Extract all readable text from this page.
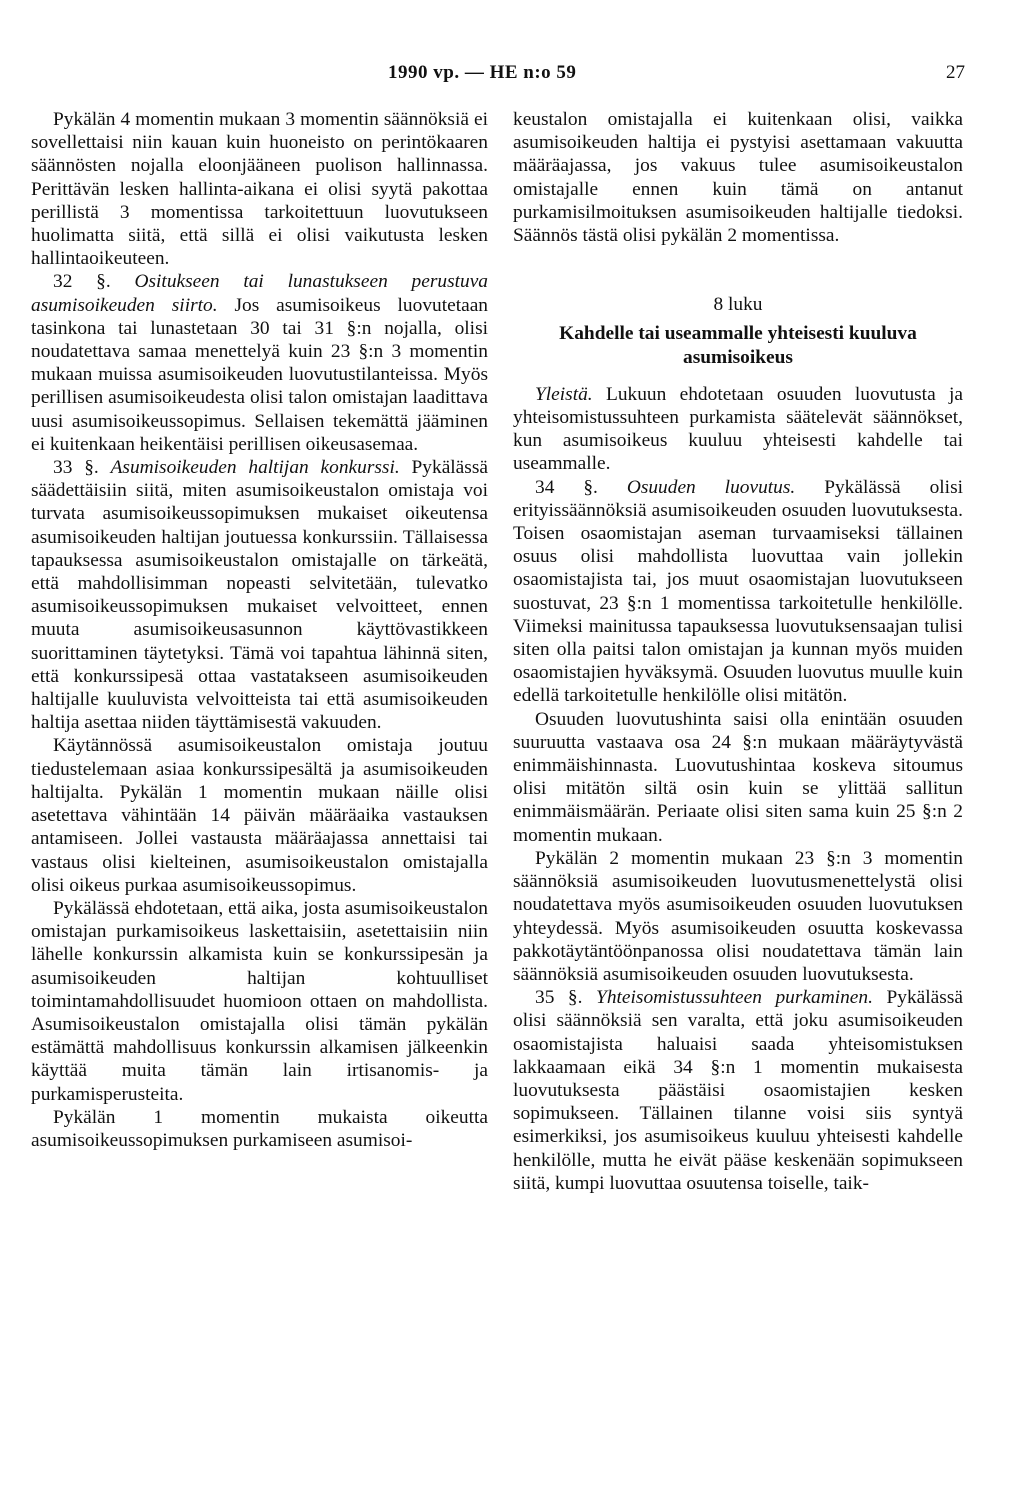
1990 vp. — HE n:o 59	27

Pykälän 4 momentin mukaan 3 momentin säännöksiä ei sovellettaisi niin kauan kuin huoneisto on perintökaaren säännösten nojalla eloonjääneen puolison hallinnassa. Perittävän lesken hallinta-aikana ei olisi syytä pakottaa perillistä 3 momentissa tarkoitettuun luovutukseen huolimatta siitä, että sillä ei olisi vaikutusta lesken hallintaoikeuteen.

32 §. Ositukseen tai lunastukseen perustuva asumisoikeuden siirto. Jos asumisoikeus luovutetaan tasinkona tai lunastetaan 30 tai 31 §:n nojalla, olisi noudatettava samaa menettelyä kuin 23 §:n 3 momentin mukaan muissa asumisoikeuden luovutustilanteissa. Myös perillisen asumisoikeudesta olisi talon omistajan laadittava uusi asumisoikeussopimus. Sellaisen tekemättä jääminen ei kuitenkaan heikentäisi perillisen oikeusasemaa.

33 §. Asumisoikeuden haltijan konkurssi. Pykälässä säädettäisiin siitä, miten asumisoikeustalon omistaja voi turvata asumisoikeussopimuksen mukaiset oikeutensa asumisoikeuden haltijan joutuessa konkurssiin. Tällaisessa tapauksessa asumisoikeustalon omistajalle on tärkeätä, että mahdollisimman nopeasti selvitetään, tulevatko asumisoikeussopimuksen mukaiset velvoitteet, ennen muuta asumisoikeusasunnon käyttövastikkeen suorittaminen täytetyksi. Tämä voi tapahtua lähinnä siten, että konkurssipesä ottaa vastatakseen asumisoikeuden haltijalle kuuluvista velvoitteista tai että asumisoikeuden haltija asettaa niiden täyttämisestä vakuuden.

Käytännössä asumisoikeustalon omistaja joutuu tiedustelemaan asiaa konkurssipesältä ja asumisoikeuden haltijalta. Pykälän 1 momentin mukaan näille olisi asetettava vähintään 14 päivän määräaika vastauksen antamiseen. Jollei vastausta määräajassa annettaisi tai vastaus olisi kielteinen, asumisoikeustalon omistajalla olisi oikeus purkaa asumisoikeussopimus.

Pykälässä ehdotetaan, että aika, josta asumisoikeustalon omistajan purkamisoikeus laskettaisiin, asetettaisiin niin lähelle konkurssin alkamista kuin se konkurssipesän ja asumisoikeuden haltijan kohtuulliset toimintamahdollisuudet huomioon ottaen on mahdollista. Asumisoikeustalon omistajalla olisi tämän pykälän estämättä mahdollisuus konkurssin alkamisen jälkeenkin käyttää muita tämän lain irtisanomis- ja purkamisperusteita.

Pykälän 1 momentin mukaista oikeutta asumisoikeussopimuksen purkamiseen asumisoi-

keustalon omistajalla ei kuitenkaan olisi, vaikka asumisoikeuden haltija ei pystyisi asettamaan vakuutta määräajassa, jos vakuus tulee asumisoikeustalon omistajalle ennen kuin tämä on antanut purkamisilmoituksen asumisoikeuden haltijalle tiedoksi. Säännös tästä olisi pykälän 2 momentissa.

8 luku

Kahdelle tai useammalle yhteisesti kuuluva asumisoikeus

Yleistä. Lukuun ehdotetaan osuuden luovutusta ja yhteisomistussuhteen purkamista säätelevät säännökset, kun asumisoikeus kuuluu yhteisesti kahdelle tai useammalle.

34 §. Osuuden luovutus. Pykälässä olisi erityissäännöksiä asumisoikeuden osuuden luovutuksesta. Toisen osaomistajan aseman turvaamiseksi tällainen osuus olisi mahdollista luovuttaa vain jollekin osaomistajista tai, jos muut osaomistajan luovutukseen suostuvat, 23 §:n 1 momentissa tarkoitetulle henkilölle. Viimeksi mainitussa tapauksessa luovutuksensaajan tulisi siten olla paitsi talon omistajan ja kunnan myös muiden osaomistajien hyväksymä. Osuuden luovutus muulle kuin edellä tarkoitetulle henkilölle olisi mitätön.

Osuuden luovutushinta saisi olla enintään osuuden suuruutta vastaava osa 24 §:n mukaan määräytyvästä enimmäishinnasta. Luovutushintaa koskeva sitoumus olisi mitätön siltä osin kuin se ylittää sallitun enimmäismäärän. Periaate olisi siten sama kuin 25 §:n 2 momentin mukaan.

Pykälän 2 momentin mukaan 23 §:n 3 momentin säännöksiä asumisoikeuden luovutusmenettelystä olisi noudatettava myös asumisoikeuden osuuden luovutuksen yhteydessä. Myös asumisoikeuden osuutta koskevassa pakkotäytäntöönpanossa olisi noudatettava tämän lain säännöksiä asumisoikeuden osuuden luovutuksesta.

35 §. Yhteisomistussuhteen purkaminen. Pykälässä olisi säännöksiä sen varalta, että joku asumisoikeuden osaomistajista haluaisi saada yhteisomistuksen lakkaamaan eikä 34 §:n 1 momentin mukaisesta luovutuksesta päästäisi osaomistajien kesken sopimukseen. Tällainen tilanne voisi siis syntyä esimerkiksi, jos asumisoikeus kuuluu yhteisesti kahdelle henkilölle, mutta he eivät pääse keskenään sopimukseen siitä, kumpi luovuttaa osuutensa toiselle, taik-
